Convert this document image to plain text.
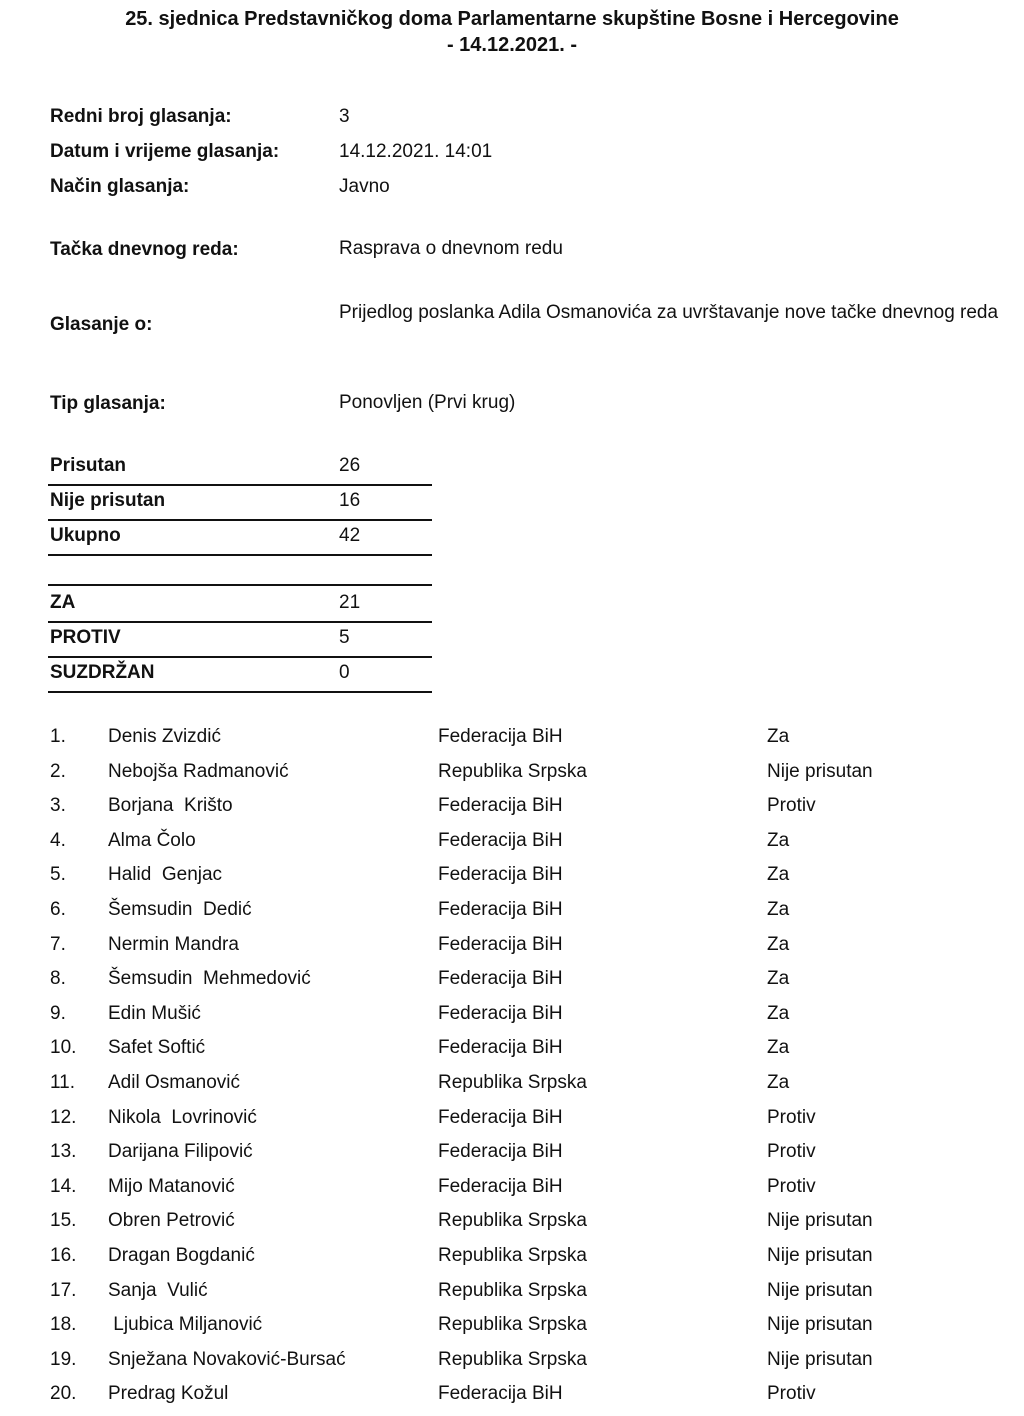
25. sjednica Predstavničkog doma Parlamentarne skupštine Bosne i Hercegovine
- 14.12.2021. -
Redni broj glasanja:	3
Datum i vrijeme glasanja:	14.12.2021. 14:01
Način glasanja:	Javno
Tačka dnevnog reda:	Rasprava o dnevnom redu
Glasanje o:
Prijedlog poslanka Adila Osmanovića za uvrštavanje nove tačke dnevnog reda
Tip glasanja:	Ponovljen (Prvi krug)
Prisutan	26
Nije prisutan	16
Ukupno	42
ZA	21
PROTIV	5
SUZDRŽAN	0
1. Denis Zvizdić	Federacija BiH	Za
2. Nebojša Radmanović	Republika Srpska	Nije prisutan
3. Borjana  Krišto	Federacija BiH	Protiv
4. Alma Čolo	Federacija BiH	Za
5. Halid  Genjac	Federacija BiH	Za
6. Šemsudin  Dedić	Federacija BiH	Za
7. Nermin Mandra	Federacija BiH	Za
8. Šemsudin  Mehmedović	Federacija BiH	Za
9. Edin Mušić	Federacija BiH	Za
10. Safet Softić	Federacija BiH	Za
11. Adil Osmanović	Republika Srpska	Za
12. Nikola  Lovrinović	Federacija BiH	Protiv
13. Darijana Filipović	Federacija BiH	Protiv
14. Mijo Matanović	Federacija BiH	Protiv
15. Obren Petrović	Republika Srpska	Nije prisutan
16. Dragan Bogdanić	Republika Srpska	Nije prisutan
17. Sanja  Vulić	Republika Srpska	Nije prisutan
18. Ljubica Miljanović	Republika Srpska	Nije prisutan
19. Snježana Novaković-Bursać	Republika Srpska	Nije prisutan
20. Predrag Kožul	Federacija BiH	Protiv
